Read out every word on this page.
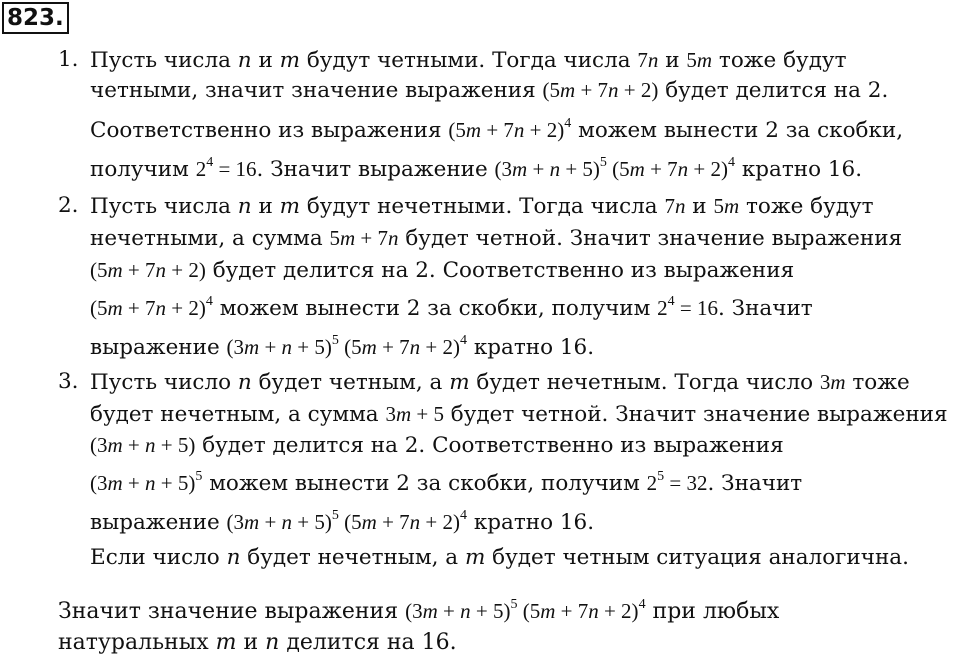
823.
1. Пусть числа n и m будут четными. Тогда числа 7n и 5m тоже будут
четными, значит значение выражения (5m + 7n + 2) будет делится на 2.
Соответственно из выражения $(5m + 7n + 2)^4$ можем вынести 2 за скобки,
получим $2^4 = 16$. Значит выражение $(3m + n + 5)^5$ $(5m + 7n + 2)^4$ кратно 16.
2. Пусть числа n и m будут нечетными. Тогда числа 7n и 5m тоже будут
нечетными, а сумма 5m + 7n будет четной. Значит значение выражения
(5m + 7n + 2) будет делится на 2. Соответственно из выражения
$(5m + 7n + 2)^4$ можем вынести 2 за скобки, получим $2^4 = 16$. Значит
выражение $(3m + n + 5)^5$ $(5m + 7n + 2)^4$ кратно 16.
3. Пусть число n будет четным, а m будет нечетным. Тогда число 3m тоже
будет нечетным, а сумма 3m + 5 будет четной. Значит значение выражения
(3m + n + 5) будет делится на 2. Соответственно из выражения
$(3m + n + 5)^5$ можем вынести 2 за скобки, получим $2^5 = 32$. Значит
выражение $(3m + n + 5)^5$ $(5m + 7n + 2)^4$ кратно 16.
Если число n будет нечетным, а m будет четным ситуация аналогична.
Значит значение выражения $(3m + n + 5)^5$ $(5m + 7n + 2)^4$ при любых
натуральных m и n делится на 16.
